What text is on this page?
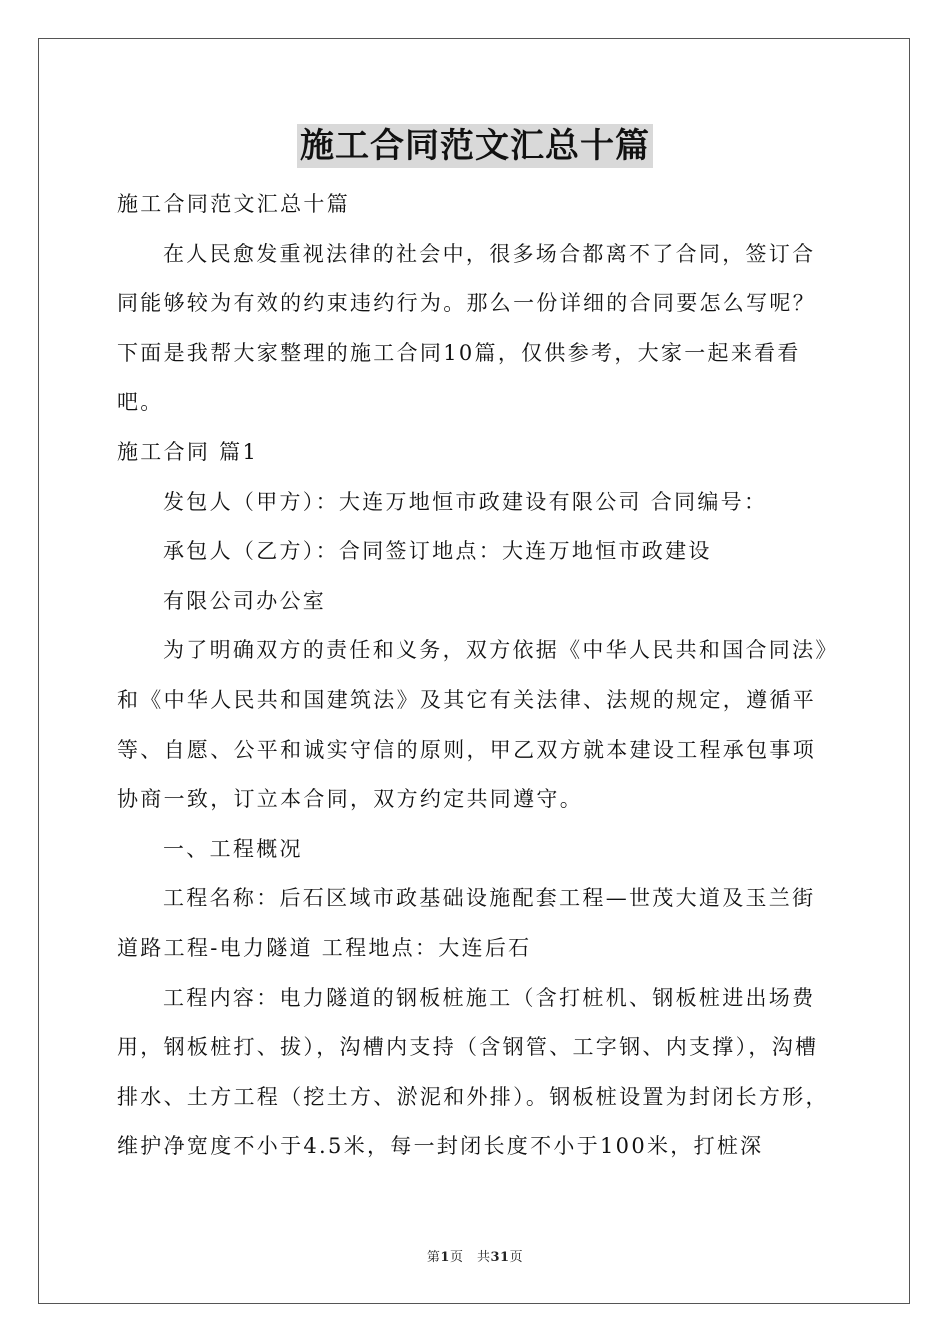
施工合同范文汇总十篇

施工合同范文汇总十篇

在人民愈发重视法律的社会中，很多场合都离不了合同，签订合同能够较为有效的约束违约行为。那么一份详细的合同要怎么写呢？下面是我帮大家整理的施工合同10篇，仅供参考，大家一起来看看吧。

施工合同 篇1

发包人（甲方）：大连万地恒市政建设有限公司 合同编号：

承包人（乙方）：合同签订地点：大连万地恒市政建设

有限公司办公室

为了明确双方的责任和义务，双方依据《中华人民共和国合同法》和《中华人民共和国建筑法》及其它有关法律、法规的规定，遵循平等、自愿、公平和诚实守信的原则，甲乙双方就本建设工程承包事项协商一致，订立本合同，双方约定共同遵守。

一、工程概况

工程名称：后石区域市政基础设施配套工程—世茂大道及玉兰街道路工程-电力隧道 工程地点：大连后石

工程内容：电力隧道的钢板桩施工（含打桩机、钢板桩进出场费用，钢板桩打、拔），沟槽内支持（含钢管、工字钢、内支撑），沟槽排水、土方工程（挖土方、淤泥和外排）。钢板桩设置为封闭长方形，维护净宽度不小于4.5米，每一封闭长度不小于100米，打桩深

第1页　共31页
